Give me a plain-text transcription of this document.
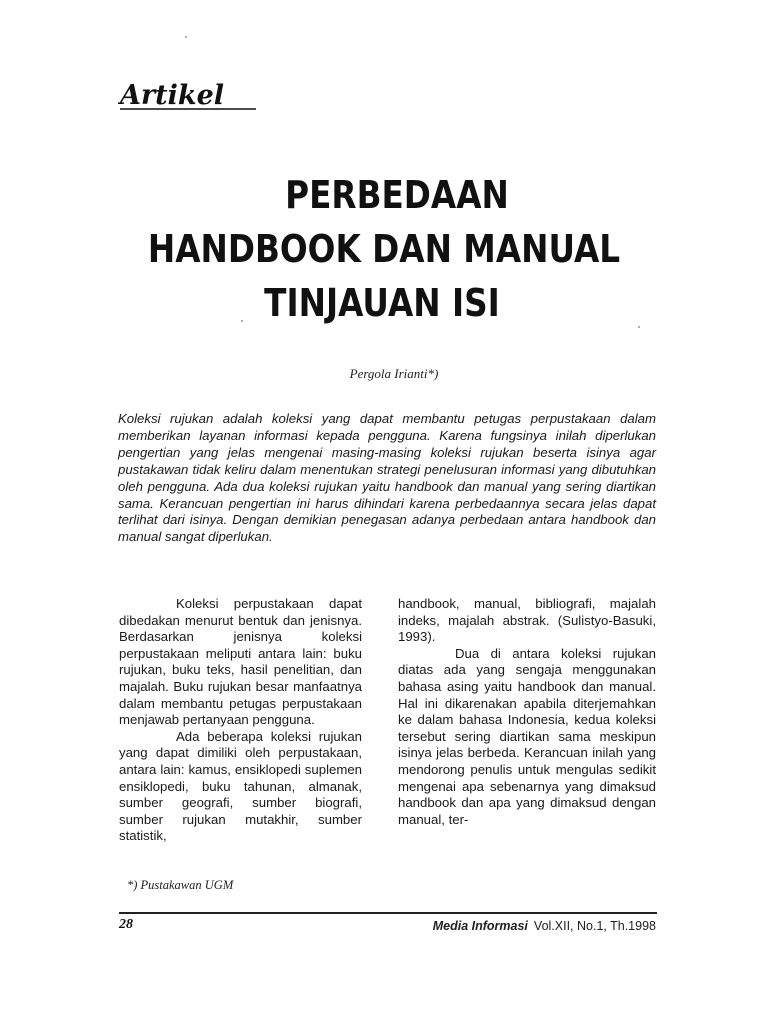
Artikel
PERBEDAAN
HANDBOOK DAN MANUAL
TINJAUAN ISI
Pergola Irianti*)
Koleksi rujukan adalah koleksi yang dapat membantu petugas perpustakaan dalam memberikan layanan informasi kepada pengguna. Karena fungsinya inilah diperlukan pengertian yang jelas mengenai masing-masing koleksi rujukan beserta isinya agar pustakawan tidak keliru dalam menentukan strategi penelusuran informasi yang dibutuhkan oleh pengguna. Ada dua koleksi rujukan yaitu handbook dan manual yang sering diartikan sama. Kerancuan pengertian ini harus dihindari karena perbedaannya secara jelas dapat terlihat dari isinya. Dengan demikian penegasan adanya perbedaan antara handbook dan manual sangat diperlukan.

Koleksi perpustakaan dapat dibedakan menurut bentuk dan jenisnya. Berdasarkan jenisnya koleksi perpustakaan meliputi antara lain: buku rujukan, buku teks, hasil penelitian, dan majalah. Buku rujukan besar manfaatnya dalam membantu petugas perpustakaan menjawab pertanyaan pengguna.

Ada beberapa koleksi rujukan yang dapat dimiliki oleh perpustakaan, antara lain: kamus, ensiklopedi suplemen ensiklopedi, buku tahunan, almanak, sumber geografi, sumber biografi, sumber rujukan mutakhir, sumber statistik,

handbook, manual, bibliografi, majalah indeks, majalah abstrak. (Sulistyo-Basuki, 1993).

Dua di antara koleksi rujukan diatas ada yang sengaja menggunakan bahasa asing yaitu handbook dan manual. Hal ini dikarenakan apabila diterjemahkan ke dalam bahasa Indonesia, kedua koleksi tersebut sering diartikan sama meskipun isinya jelas berbeda. Kerancuan inilah yang mendorong penulis untuk mengulas sedikit mengenai apa sebenarnya yang dimaksud handbook dan apa yang dimaksud dengan manual, ter-

*) Pustakawan UGM
28	Media Informasi Vol.XII, No.1, Th.1998
